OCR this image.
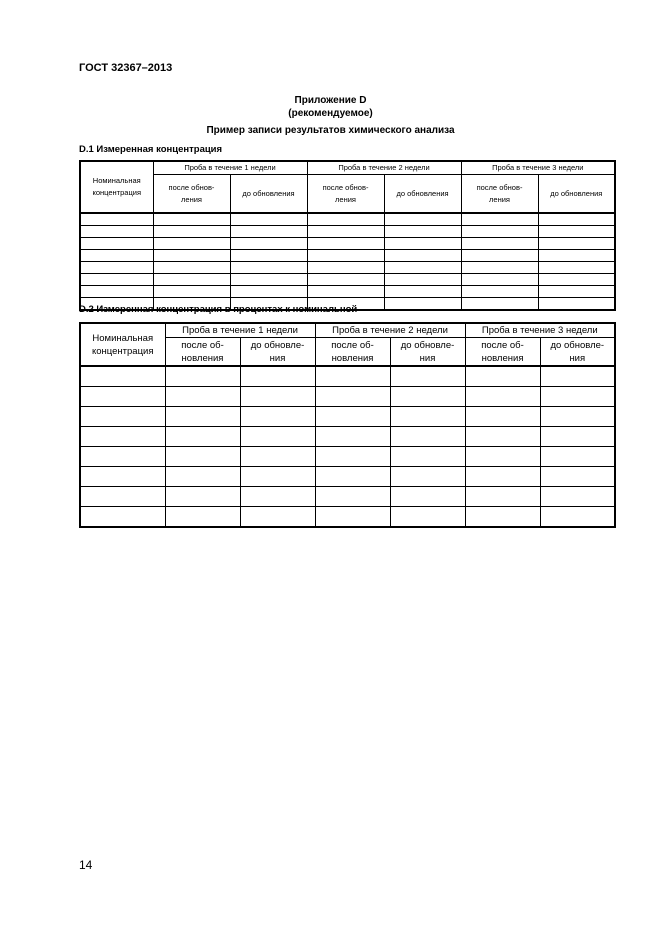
ГОСТ 32367–2013
Приложение D
(рекомендуемое)
Пример записи результатов химического анализа
D.1 Измеренная концентрация
Номинальная концентрация	Проба в течение 1 недели		Проба в течение 2 недели		Проба в течение 3 недели	
	после обнов-
ления	до обновления	после обнов-
ления	до обновления	после обнов-
ления	до обновления

D.2 Измеренная концентрация в процентах к номинальной
Номинальная концентрация	Проба в течение 1 недели		Проба в течение 2 недели		Проба в течение 3 недели	
	после об-
новления	до обновле-
ния	после об-
новления	до обновле-
ния	после об-
новления	до обновле-
ния

14
